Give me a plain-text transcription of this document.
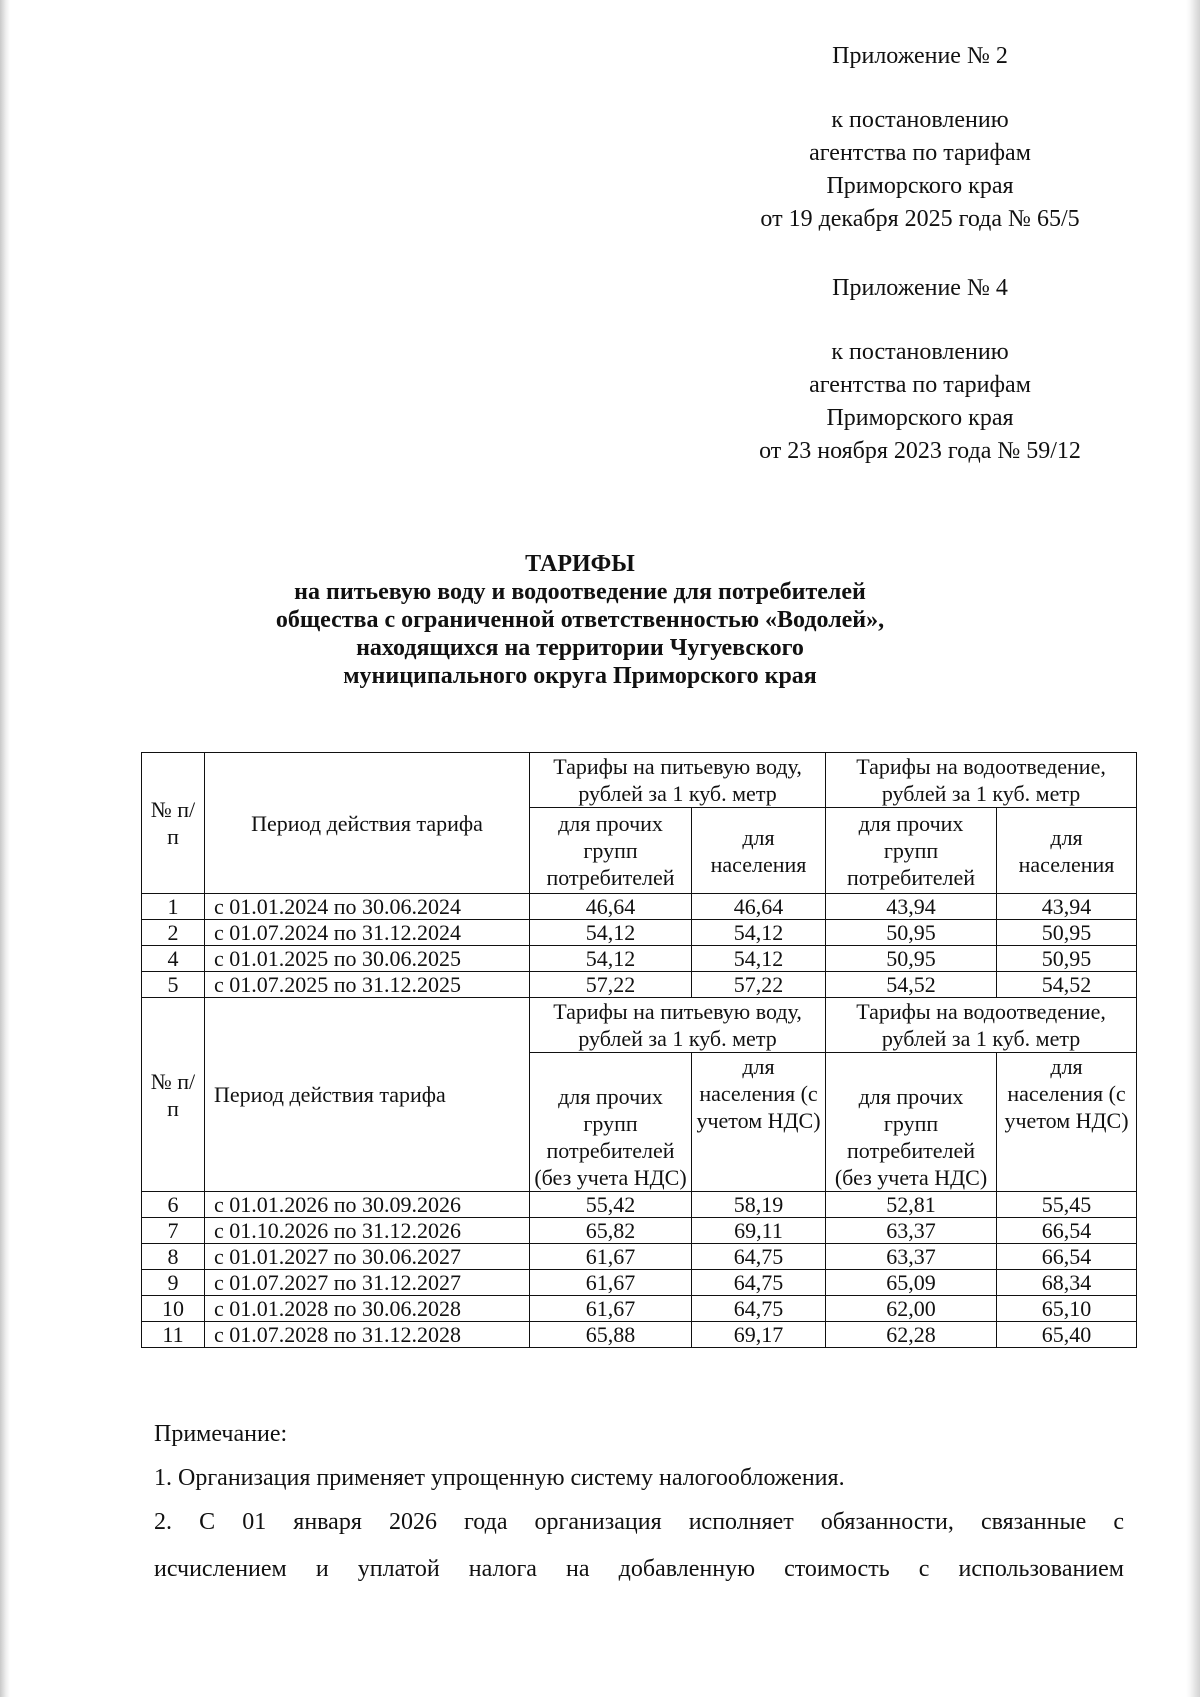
Приложение № 2
к постановлению
агентства по тарифам
Приморского края
от 19 декабря 2025 года № 65/5
Приложение № 4
к постановлению
агентства по тарифам
Приморского края
от 23 ноября 2023 года № 59/12
ТАРИФЫ
на питьевую воду и водоотведение для потребителей
общества с ограниченной ответственностью «Водолей»,
находящихся на территории Чугуевского
муниципального округа Приморского края
№ п/п	Период действия тарифа	Тарифы на питьевую воду, рублей за 1 куб. метр		Тарифы на водоотведение, рублей за 1 куб. метр	
		для прочих групп потребителей	для населения	для прочих групп потребителей	для населения
1	с 01.01.2024 по 30.06.2024	46,64	46,64	43,94	43,94
2	с 01.07.2024 по 31.12.2024	54,12	54,12	50,95	50,95
4	с 01.01.2025 по 30.06.2025	54,12	54,12	50,95	50,95
5	с 01.07.2025 по 31.12.2025	57,22	57,22	54,52	54,52
№ п/п	Период действия тарифа	Тарифы на питьевую воду, рублей за 1 куб. метр		Тарифы на водоотведение, рублей за 1 куб. метр	
		для прочих групп потребителей (без учета НДС)	для населения (с учетом НДС)	для прочих групп потребителей (без учета НДС)	для населения (с учетом НДС)
6	с 01.01.2026 по 30.09.2026	55,42	58,19	52,81	55,45
7	с 01.10.2026 по 31.12.2026	65,82	69,11	63,37	66,54
8	с 01.01.2027 по 30.06.2027	61,67	64,75	63,37	66,54
9	с 01.07.2027 по 31.12.2027	61,67	64,75	65,09	68,34
10	с 01.01.2028 по 30.06.2028	61,67	64,75	62,00	65,10
11	с 01.07.2028 по 31.12.2028	65,88	69,17	62,28	65,40
Примечание:
1. Организация применяет упрощенную систему налогообложения.
2. С 01 января 2026 года организация исполняет обязанности, связанные с
исчислением и уплатой налога на добавленную стоимость с использованием
